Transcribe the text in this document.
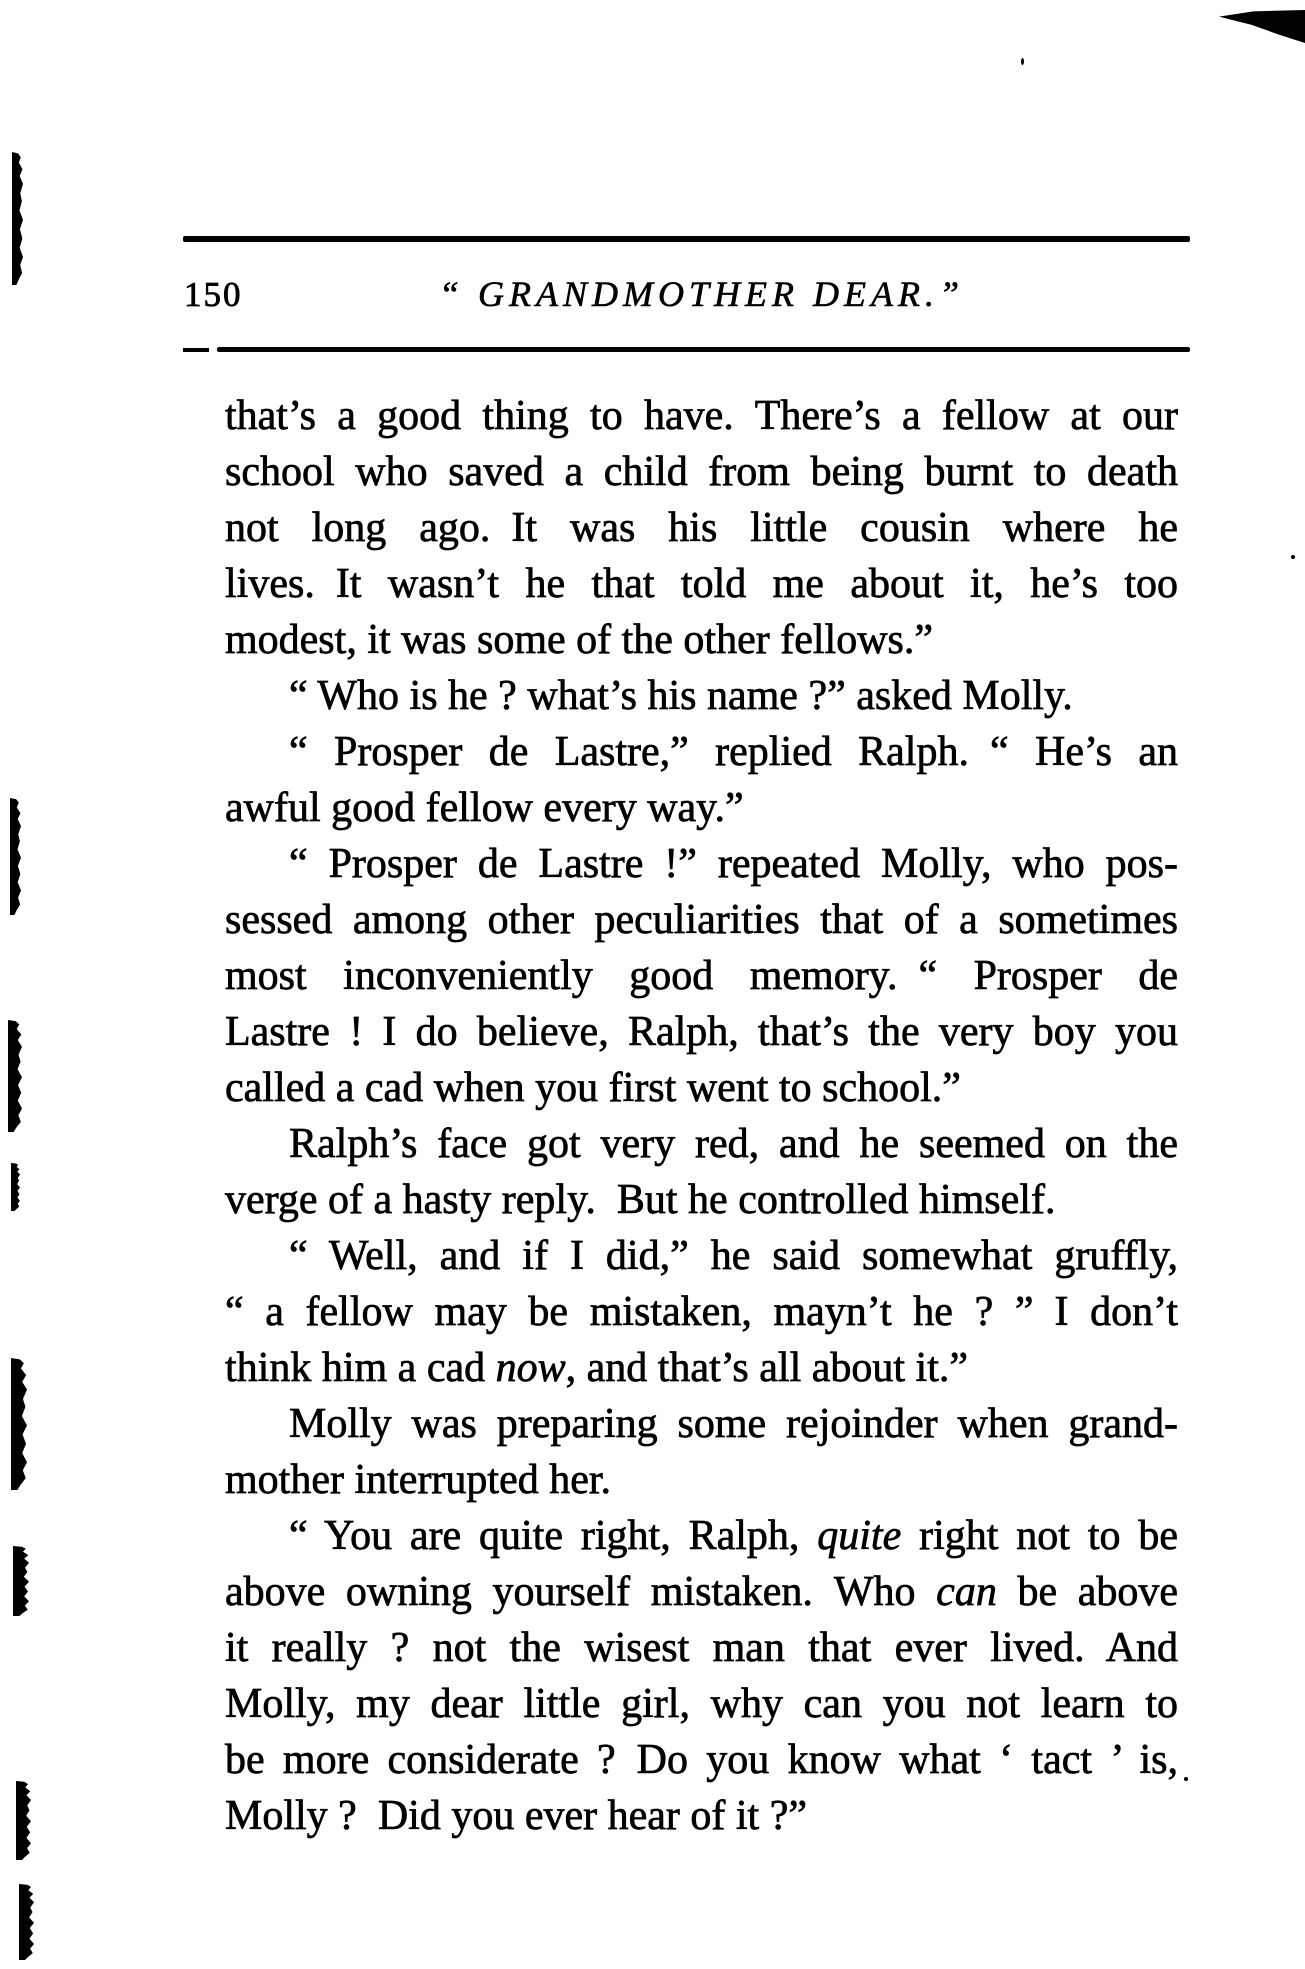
150	“ GRANDMOTHER DEAR.”
that’s a good thing to have. There’s a fellow at our
school who saved a child from being burnt to death
not long ago. It was his little cousin where he
lives. It wasn’t he that told me about it, he’s too
modest, it was some of the other fellows.”
“ Who is he ? what’s his name ?” asked Molly.
“ Prosper de Lastre,” replied Ralph. “ He’s an
awful good fellow every way.”
“ Prosper de Lastre !” repeated Molly, who pos-
sessed among other peculiarities that of a sometimes
most inconveniently good memory. “ Prosper de
Lastre ! I do believe, Ralph, that’s the very boy you
called a cad when you first went to school.”
Ralph’s face got very red, and he seemed on the
verge of a hasty reply. But he controlled himself.
“ Well, and if I did,” he said somewhat gruffly,
“ a fellow may be mistaken, mayn’t he ? ” I don’t
think him a cad now, and that’s all about it.”
Molly was preparing some rejoinder when grand-
mother interrupted her.
“ You are quite right, Ralph, quite right not to be
above owning yourself mistaken. Who can be above
it really ? not the wisest man that ever lived. And
Molly, my dear little girl, why can you not learn to
be more considerate ? Do you know what ‘ tact ’ is,
Molly ? Did you ever hear of it ?”
